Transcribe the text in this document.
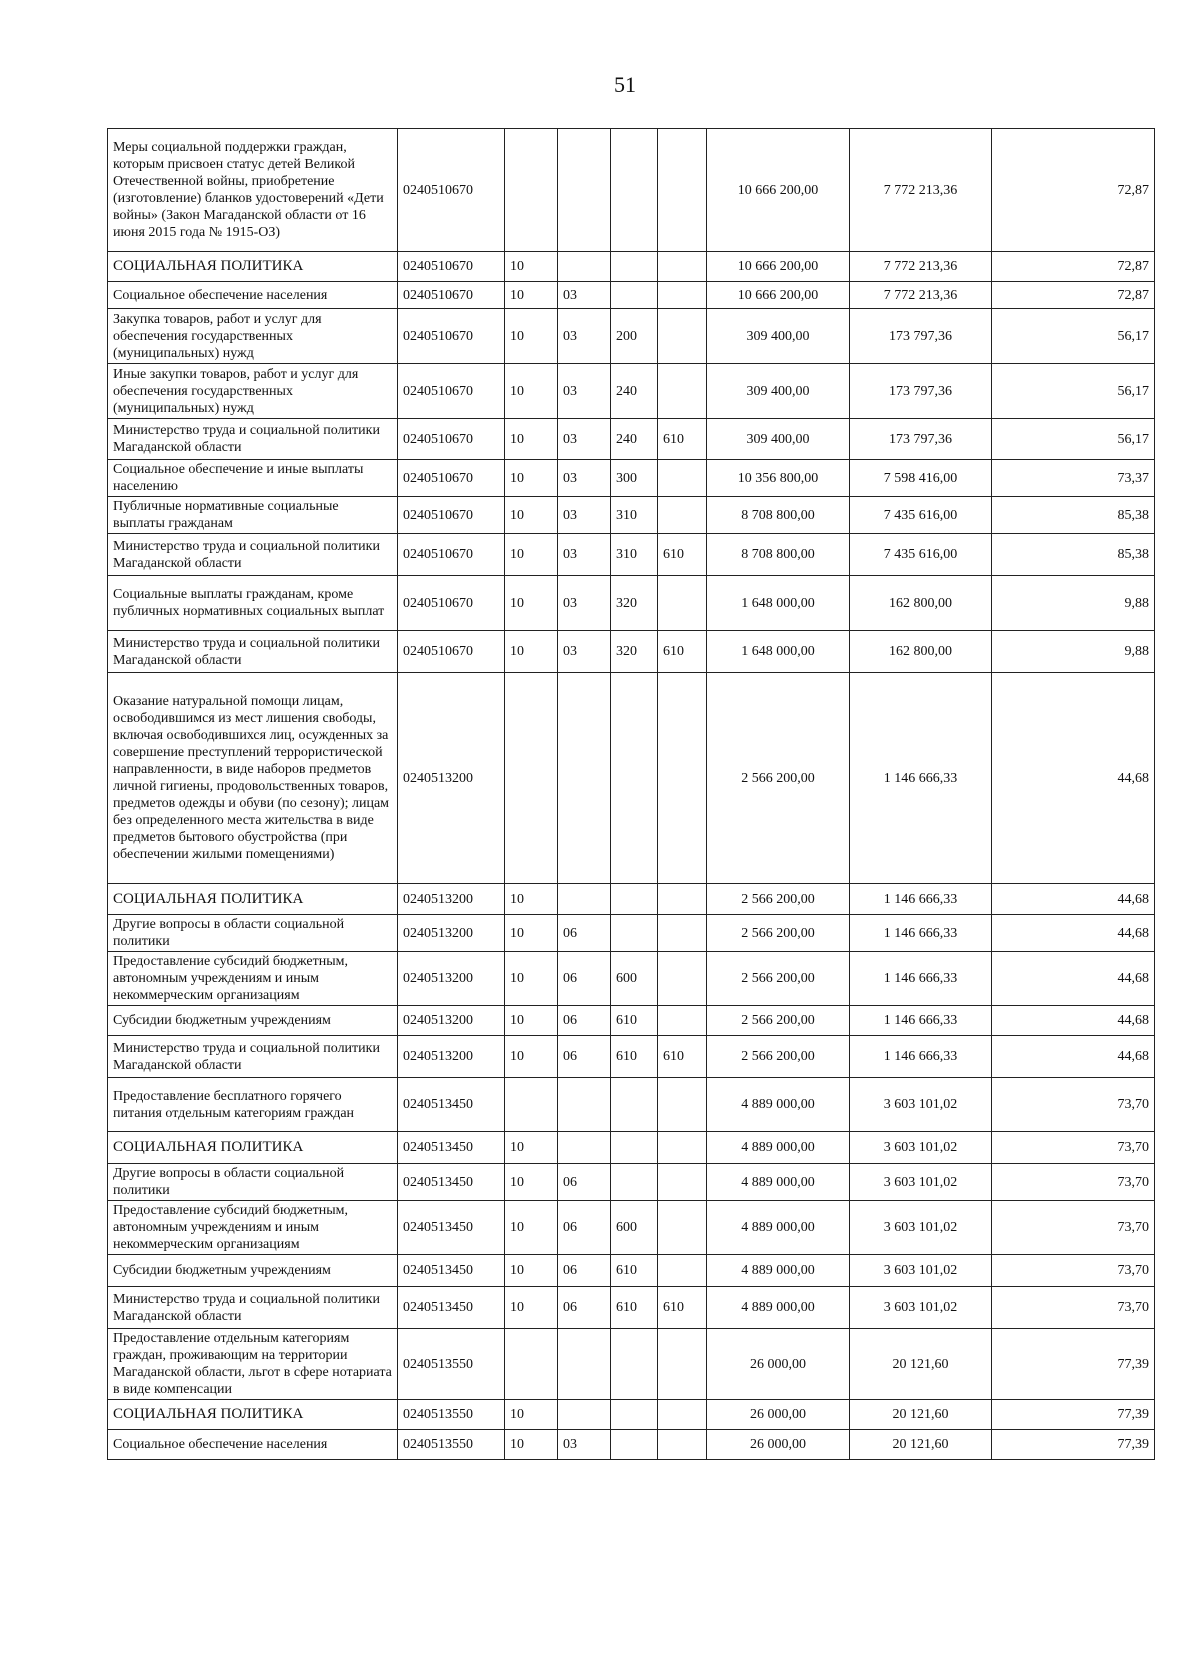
51
Меры социальной поддержки граждан, которым присвоен статус детей Великой Отечественной войны, приобретение (изготовление) бланков удостоверений «Дети войны» (Закон Магаданской области от 16 июня 2015 года № 1915-ОЗ)	0240510670					10 666 200,00	7 772 213,36	72,87
СОЦИАЛЬНАЯ ПОЛИТИКА	0240510670	10				10 666 200,00	7 772 213,36	72,87
Социальное обеспечение населения	0240510670	10	03			10 666 200,00	7 772 213,36	72,87
Закупка товаров, работ и услуг для обеспечения государственных (муниципальных) нужд	0240510670	10	03	200		309 400,00	173 797,36	56,17
Иные закупки товаров, работ и услуг для обеспечения государственных (муниципальных) нужд	0240510670	10	03	240		309 400,00	173 797,36	56,17
Министерство труда и социальной политики Магаданской области	0240510670	10	03	240	610	309 400,00	173 797,36	56,17
Социальное обеспечение и иные выплаты населению	0240510670	10	03	300		10 356 800,00	7 598 416,00	73,37
Публичные нормативные социальные выплаты гражданам	0240510670	10	03	310		8 708 800,00	7 435 616,00	85,38
Министерство труда и социальной политики Магаданской области	0240510670	10	03	310	610	8 708 800,00	7 435 616,00	85,38
Социальные выплаты гражданам, кроме публичных нормативных социальных выплат	0240510670	10	03	320		1 648 000,00	162 800,00	9,88
Министерство труда и социальной политики Магаданской области	0240510670	10	03	320	610	1 648 000,00	162 800,00	9,88
Оказание натуральной помощи лицам, освободившимся из мест лишения свободы, включая освободившихся лиц, осужденных за совершение преступлений террористической направленности, в виде наборов предметов личной гигиены, продовольственных товаров, предметов одежды и обуви (по сезону); лицам без определенного места жительства в виде предметов бытового обустройства (при обеспечении жилыми помещениями)	0240513200					2 566 200,00	1 146 666,33	44,68
СОЦИАЛЬНАЯ ПОЛИТИКА	0240513200	10				2 566 200,00	1 146 666,33	44,68
Другие вопросы в области социальной политики	0240513200	10	06			2 566 200,00	1 146 666,33	44,68
Предоставление субсидий бюджетным, автономным учреждениям и иным некоммерческим организациям	0240513200	10	06	600		2 566 200,00	1 146 666,33	44,68
Субсидии бюджетным учреждениям	0240513200	10	06	610		2 566 200,00	1 146 666,33	44,68
Министерство труда и социальной политики Магаданской области	0240513200	10	06	610	610	2 566 200,00	1 146 666,33	44,68
Предоставление бесплатного горячего питания отдельным категориям граждан	0240513450					4 889 000,00	3 603 101,02	73,70
СОЦИАЛЬНАЯ ПОЛИТИКА	0240513450	10				4 889 000,00	3 603 101,02	73,70
Другие вопросы в области социальной политики	0240513450	10	06			4 889 000,00	3 603 101,02	73,70
Предоставление субсидий бюджетным, автономным учреждениям и иным некоммерческим организациям	0240513450	10	06	600		4 889 000,00	3 603 101,02	73,70
Субсидии бюджетным учреждениям	0240513450	10	06	610		4 889 000,00	3 603 101,02	73,70
Министерство труда и социальной политики Магаданской области	0240513450	10	06	610	610	4 889 000,00	3 603 101,02	73,70
Предоставление отдельным категориям граждан, проживающим на территории Магаданской области, льгот в сфере нотариата в виде компенсации	0240513550					26 000,00	20 121,60	77,39
СОЦИАЛЬНАЯ ПОЛИТИКА	0240513550	10				26 000,00	20 121,60	77,39
Социальное обеспечение населения	0240513550	10	03			26 000,00	20 121,60	77,39
